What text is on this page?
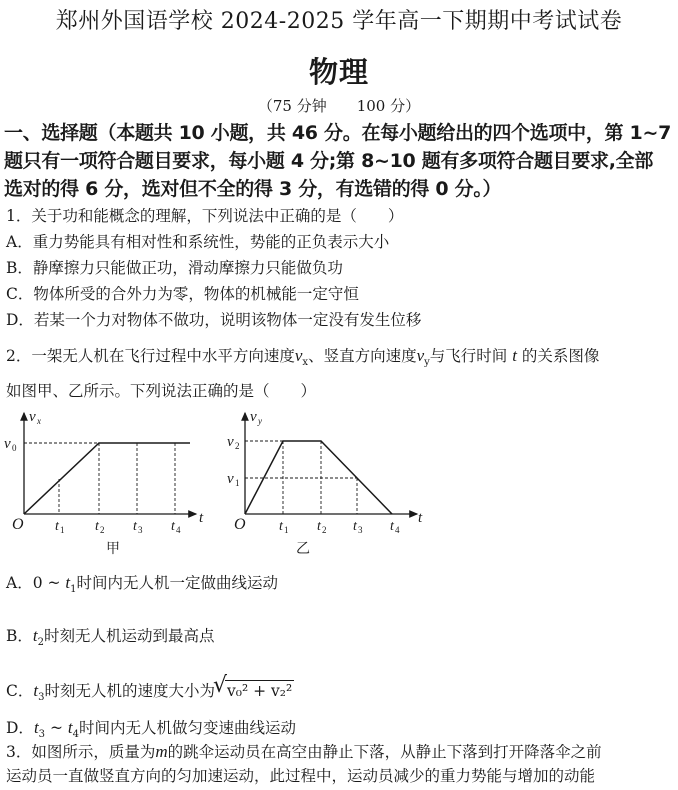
郑州外国语学校 2024-2025 学年高一下期期中考试试卷
物理
（75 分钟　　100 分）
一、选择题（本题共 10 小题，共 46 分。在每小题给出的四个选项中，第 1~7
题只有一项符合题目要求，每小题 4 分;第 8~10 题有多项符合题目要求,全部
选对的得 6 分，选对但不全的得 3 分，有选错的得 0 分。）
1．关于功和能概念的理解，下列说法中正确的是（　　）
A．重力势能具有相对性和系统性，势能的正负表示大小
B．静摩擦力只能做正功，滑动摩擦力只能做负功
C．物体所受的合外力为零，物体的机械能一定守恒
D．若某一个力对物体不做功，说明该物体一定没有发生位移
2．一架无人机在飞行过程中水平方向速度$v_x$、竖直方向速度$v_y$与飞行时间 t 的关系图像
如图甲、乙所示。下列说法正确的是（　　）
v x
v 0
O t 1 t 2 t 3 t 4
t
甲
v y
v 2
v 1
O t 1 t 2 t 3 t 4
t
乙
A．0 ~ $t_1$时间内无人机一定做曲线运动
B．$t_2$时刻无人机运动到最高点
C．$t_3$时刻无人机的速度大小为 √ v₀² + v₂²
D．$t_3$ ~ $t_4$时间内无人机做匀变速曲线运动
3．如图所示，质量为m的跳伞运动员在高空由静止下落，从静止下落到打开降落伞之前
运动员一直做竖直方向的匀加速运动，此过程中，运动员减少的重力势能与增加的动能
